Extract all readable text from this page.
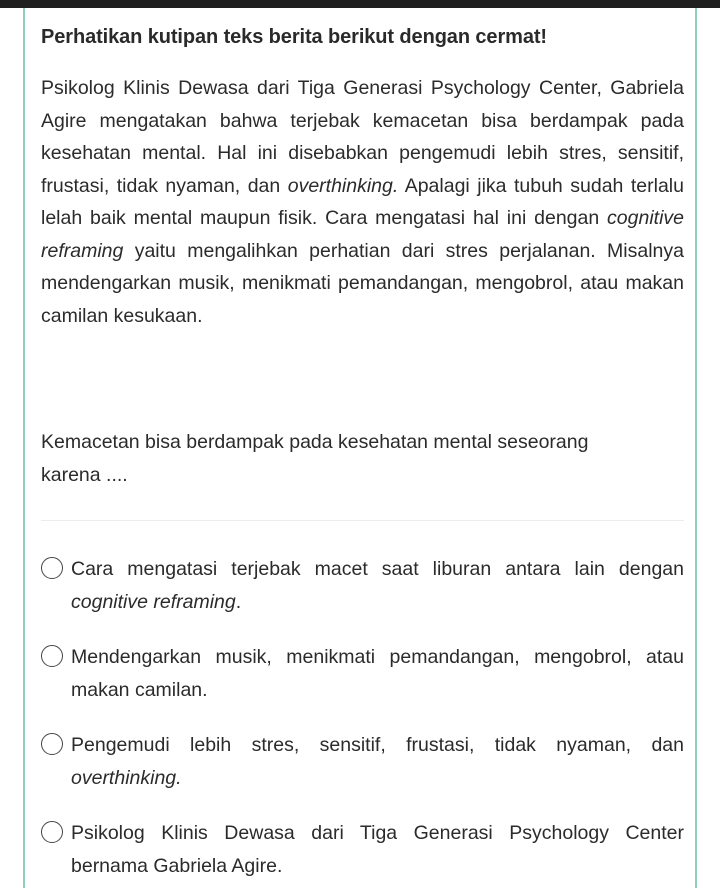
Perhatikan kutipan teks berita berikut dengan cermat!

Psikolog Klinis Dewasa dari Tiga Generasi Psychology Center, Gabriela Agire mengatakan bahwa terjebak kemacetan bisa berdampak pada kesehatan mental. Hal ini disebabkan pengemudi lebih stres, sensitif, frustasi, tidak nyaman, dan overthinking. Apalagi jika tubuh sudah terlalu lelah baik mental maupun fisik. Cara mengatasi hal ini dengan cognitive reframing yaitu mengalihkan perhatian dari stres perjalanan. Misalnya mendengarkan musik, menikmati pemandangan, mengobrol, atau makan camilan kesukaan.

Kemacetan bisa berdampak pada kesehatan mental seseorang karena ....

Cara mengatasi terjebak macet saat liburan antara lain dengan cognitive reframing.
Mendengarkan musik, menikmati pemandangan, mengobrol, atau makan camilan.
Pengemudi lebih stres, sensitif, frustasi, tidak nyaman, dan overthinking.
Psikolog Klinis Dewasa dari Tiga Generasi Psychology Center bernama Gabriela Agire.
